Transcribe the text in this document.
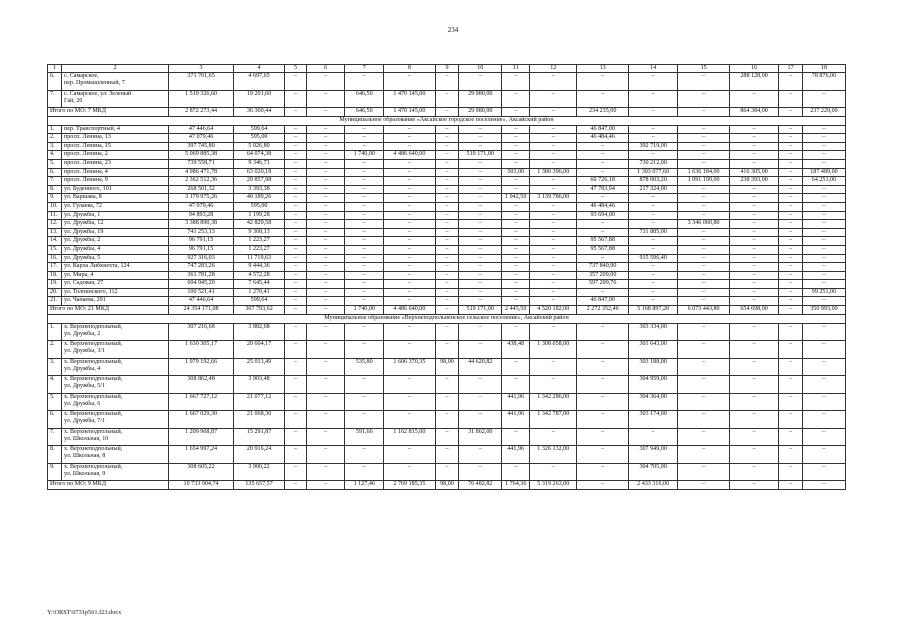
234
1	2	3	4	5	6	7	8	9	10	11	12	13	14	15	16	17	18
6.	с. Самарское,
пер. Промышленный, 7	371 701,65	4 697,65	–	–	–	–	–	–	–	–	–	–	–	288 128,00	–	78 876,00
7.	с. Самарское, ул. Зеленый
Гай, 20	1 519 326,60	19 201,60	–	–	646,50	1 470 145,00	–	29 980,00	–	–	–	–	–	–	–	–
Итого по МО: 7 МКД		2 872 273,44	36 300,44	–	–	646,50	1 470 145,00	–	29 980,00	–	–	234 235,00	–	–	864 384,00	–	237 229,00
Муниципальное образование «Аксайское городское поселение», Аксайский район																	
1.	пер. Транспортный, 4	47 446,64	599,64	–	–	–	–	–	–	–	–	46 847,00	–	–	–	–	–
2.	просп. Ленина, 13	47 079,46	595,00	–	–	–	–	–	–	–	–	46 484,46	–	–	–	–	–
3.	просп. Ленина, 15	397 745,80	5 026,80	–	–	–	–	–	–	–	–	–	392 719,00	–	–	–	–
4.	просп. Ленина, 2	5 069 885,38	64 074,38	–	–	1 740,00	4 486 640,00	–	519 171,00	–	–	–	–	–	–	–	–
5.	просп. Ленина, 23	739 558,71	9 346,71	–	–	–	–	–	–	–	–	–	730 212,00	–	–	–	–
6.	просп. Ленина, 4	4 986 471,78	63 020,18	–	–	–	–	–	–	503,00	1 380 396,00	–	1 303 077,60	1 636 184,00	416 305,00	–	187 489,00
7.	просп. Ленина, 9	2 362 512,36	29 857,98	–	–	–	–	–	–	–	–	60 726,18	878 003,20	1 091 199,00	238 393,00	–	64 253,00
8.	ул. Буденного, 101	268 501,32	3 393,38	–	–	–	–	–	–	–	–	47 783,94	217 324,00	–	–	–	–
9.	ул. Варшава, 8	3 179 975,26	40 189,26	–	–	–	–	–	–	1 942,50	3 139 786,00	–	–	–	–	–	–
10.	ул. Гулаева, 72	47 079,46	595,00	–	–	–	–	–	–	–	–	46 484,46	–	–	–	–	–
11.	ул. Дружбы, 1	94 893,28	1 199,28	–	–	–	–	–	–	–	–	93 694,00	–	–	–	–	–
12.	ул. Дружбы, 12	3 388 890,38	42 829,58	–	–	–	–	–	–	–	–	–	–	3 346 060,80	–	–	–
13.	ул. Дружбы, 19	741 253,13	9 368,13	–	–	–	–	–	–	–	–	–	731 885,00	–	–	–	–
14.	ул. Дружбы, 2	96 791,15	1 223,27	–	–	–	–	–	–	–	–	95 567,88	–	–	–	–	–
15.	ул. Дружбы, 4	96 791,15	1 223,27	–	–	–	–	–	–	–	–	95 567,88	–	–	–	–	–
16.	ул. Дружбы, 5	927 316,03	11 719,63	–	–	–	–	–	–	–	–	–	915 596,40	–	–	–	–
17.	ул. Карла Либкнехта, 124	747 283,26	9 444,36	–	–	–	–	–	–	–	–	737 840,90	–	–	–	–	–
18.	ул. Мира, 4	361 781,28	4 572,28	–	–	–	–	–	–	–	–	357 209,00	–	–	–	–	–
19.	ул. Садовая, 27	604 945,20	7 645,44	–	–	–	–	–	–	–	–	597 299,76	–	–	–	–	–
20.	ул. Толпинского, 112	100 521,41	1 270,41	–	–	–	–	–	–	–	–	–	–	–	–	–	99 251,00
21.	ул. Чапаева, 291	47 446,64	599,64	–	–	–	–	–	–	–	–	46 847,00	–	–	–	–	–
Итого по МО: 21 МКД		24 354 171,08	307 793,62	–	–	1 740,00	4 486 640,00	–	519 171,00	2 445,50	4 520 182,00	2 272 352,46	5 168 897,20	6 073 443,80	654 698,00	–	350 993,00
Муниципальное образование «Верхнеподпольненское сельское поселение», Аксайский район																	
1.	х. Верхнеподпольный,
ул. Дружбы, 2	307 216,68	3 882,68	–	–	–	–	–	–	–	–	–	303 334,00	–	–	–	–
2.	х. Верхнеподпольный,
ул. Дружбы, 3/1	1 630 305,17	20 604,17	–	–	–	–	–	–	438,48	1 308 058,00	–	301 643,00	–	–	–	–
3.	х. Верхнеподпольный,
ул. Дружбы, 4	1 979 192,66	25 013,49	–	–	535,80	1 606 370,35	98,00	44 620,82	–	–	–	303 188,00	–	–	–	–
4.	х. Верхнеподпольный,
ул. Дружбы, 5/1	308 862,48	3 903,48	–	–	–	–	–	–	–	–	–	304 959,00	–	–	–	–
5.	х. Верхнеподпольный,
ул. Дружбы, 6	1 667 727,12	21 077,12	–	–	–	–	–	–	441,96	1 342 286,00	–	304 364,00	–	–	–	–
6.	х. Верхнеподпольный,
ул. Дружбы, 7/1	1 667 029,30	21 068,30	–	–	–	–	–	–	441,96	1 342 787,00	–	303 174,00	–	–	–	–
7.	х. Верхнеподпольный,
ул. Школьная, 10	1 209 968,87	15 291,87	–	–	591,66	1 162 815,00	–	31 862,00	–	–	–	–	–	–	–	–
8.	х. Верхнеподпольный,
ул. Школьная, 8	1 654 997,24	20 916,24	–	–	–	–	–	–	441,96	1 326 132,00	–	307 949,00	–	–	–	–
9.	х. Верхнеподпольный,
ул. Школьная, 9	308 605,22	3 900,22	–	–	–	–	–	–	–	–	–	304 705,00	–	–	–	–
Итого по МО: 9 МКД		10 733 904,74	135 657,57	–	–	1 127,46	2 769 185,35	98,00	76 482,82	1 764,36	5 319 263,00	–	2 433 316,00	–	–	–	–
Y:\ORST\0731p561.f23.docx
